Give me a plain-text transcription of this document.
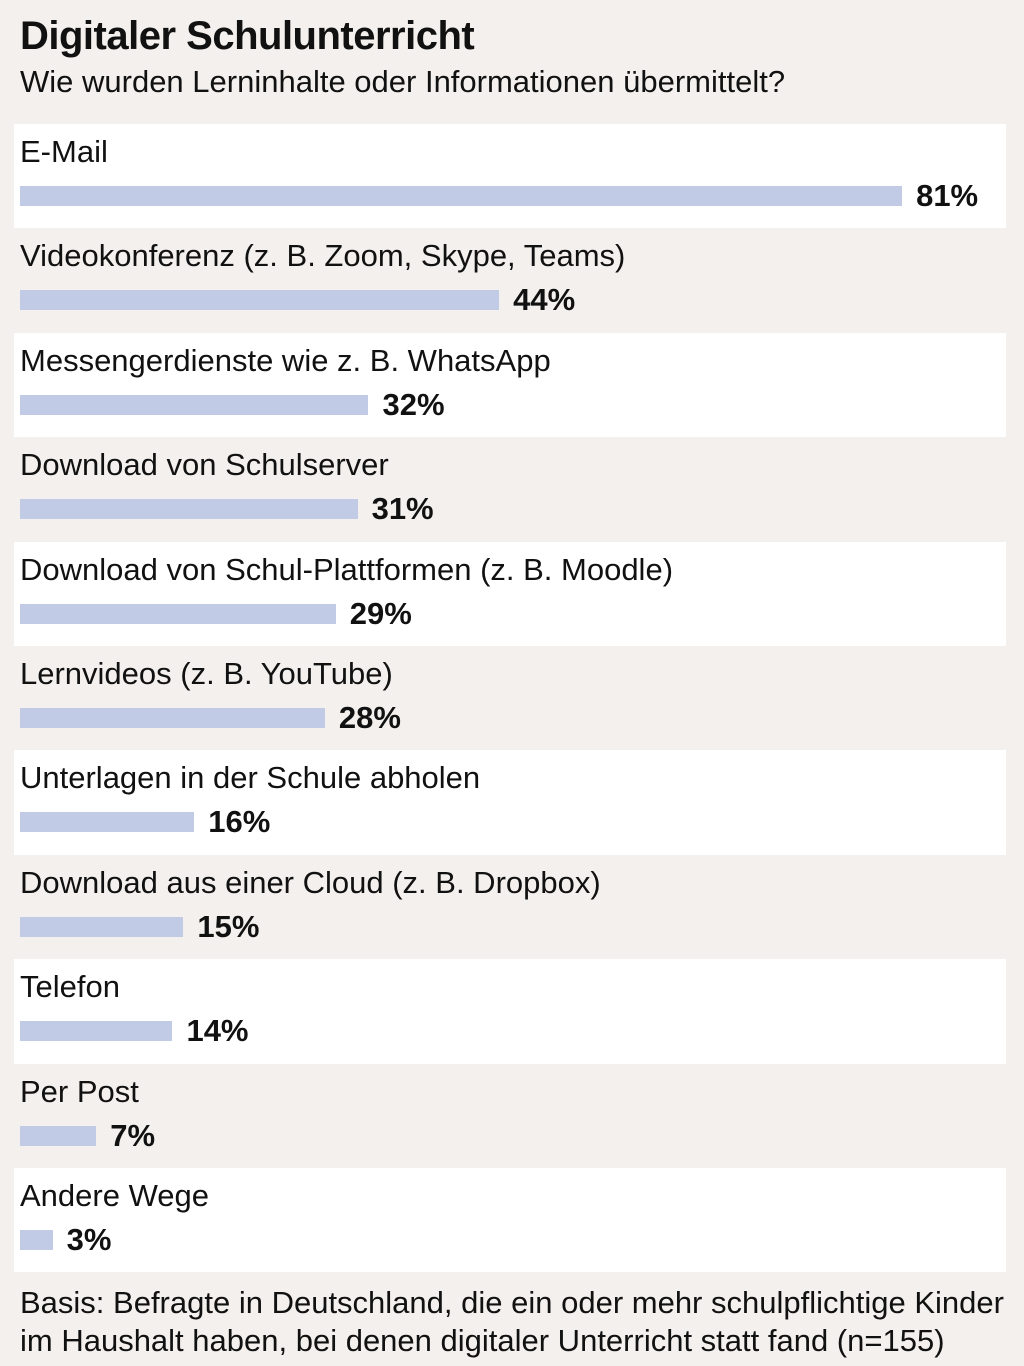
Digitaler Schulunterricht
Wie wurden Lerninhalte oder Informationen übermittelt?
E-Mail
81%
Videokonferenz (z. B. Zoom, Skype, Teams)
44%
Messengerdienste wie z. B. WhatsApp
32%
Download von Schulserver
31%
Download von Schul-Plattformen (z. B. Moodle)
29%
Lernvideos (z. B. YouTube)
28%
Unterlagen in der Schule abholen
16%
Download aus einer Cloud (z. B. Dropbox)
15%
Telefon
14%
Per Post
7%
Andere Wege
3%
Basis: Befragte in Deutschland, die ein oder mehr schulpflichtige Kinder im Haushalt haben, bei denen digitaler Unterricht statt fand (n=155)
